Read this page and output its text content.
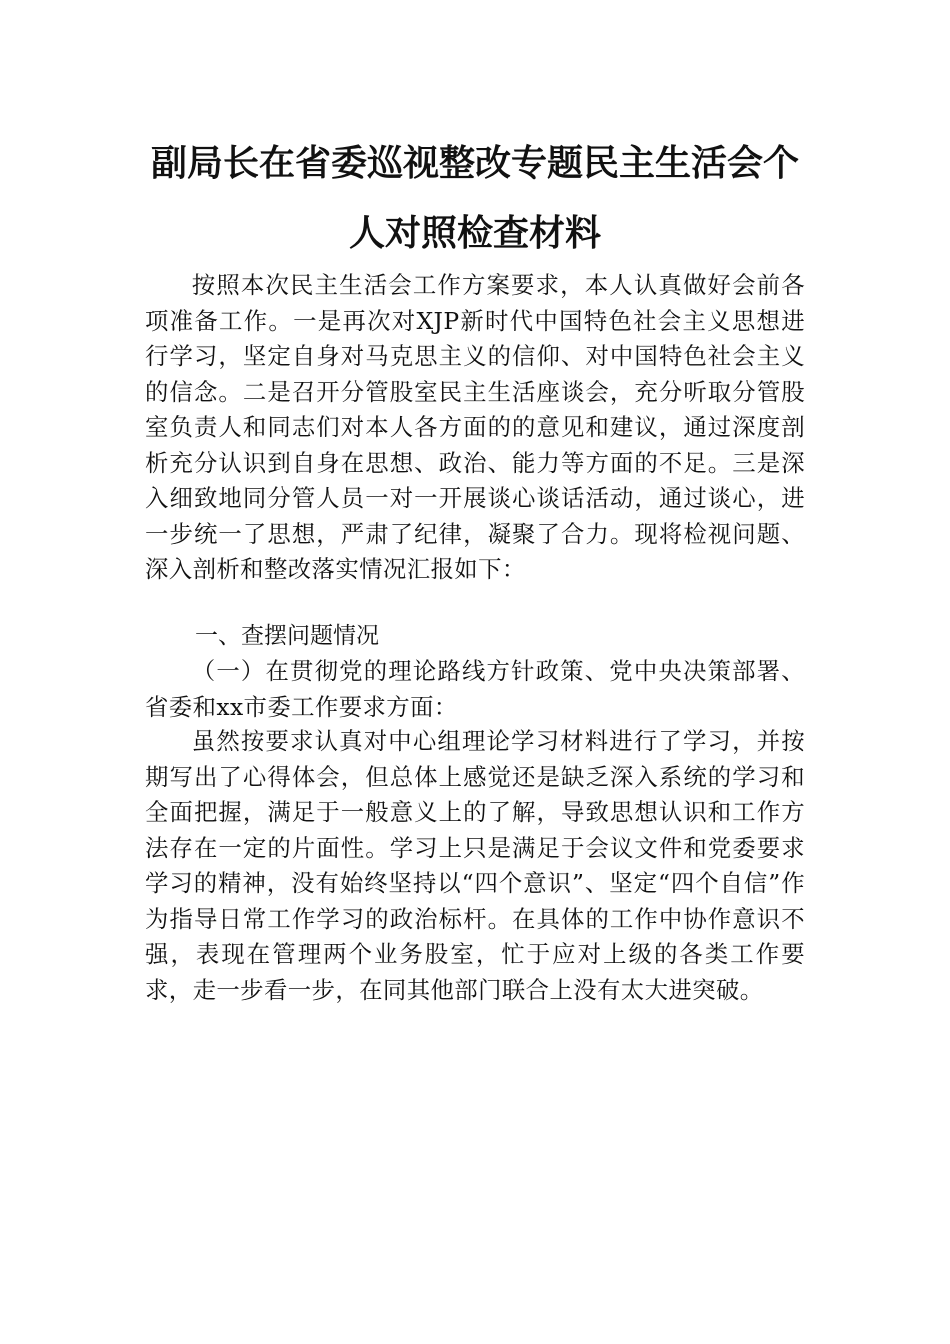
副局长在省委巡视整改专题民主生活会个
人对照检查材料
按照本次民主生活会工作方案要求，本人认真做好会前各项准备工作。一是再次对XJP新时代中国特色社会主义思想进行学习，坚定自身对马克思主义的信仰、对中国特色社会主义的信念。二是召开分管股室民主生活座谈会，充分听取分管股室负责人和同志们对本人各方面的的意见和建议，通过深度剖析充分认识到自身在思想、政治、能力等方面的不足。三是深入细致地同分管人员一对一开展谈心谈话活动，通过谈心，进一步统一了思想，严肃了纪律，凝聚了合力。现将检视问题、深入剖析和整改落实情况汇报如下：
一、查摆问题情况
（一）在贯彻党的理论路线方针政策、党中央决策部署、省委和xx市委工作要求方面：
虽然按要求认真对中心组理论学习材料进行了学习，并按期写出了心得体会，但总体上感觉还是缺乏深入系统的学习和全面把握，满足于一般意义上的了解，导致思想认识和工作方法存在一定的片面性。学习上只是满足于会议文件和党委要求学习的精神，没有始终坚持以“四个意识”、坚定“四个自信”作为指导日常工作学习的政治标杆。在具体的工作中协作意识不强，表现在管理两个业务股室，忙于应对上级的各类工作要求，走一步看一步，在同其他部门联合上没有太大进突破。
